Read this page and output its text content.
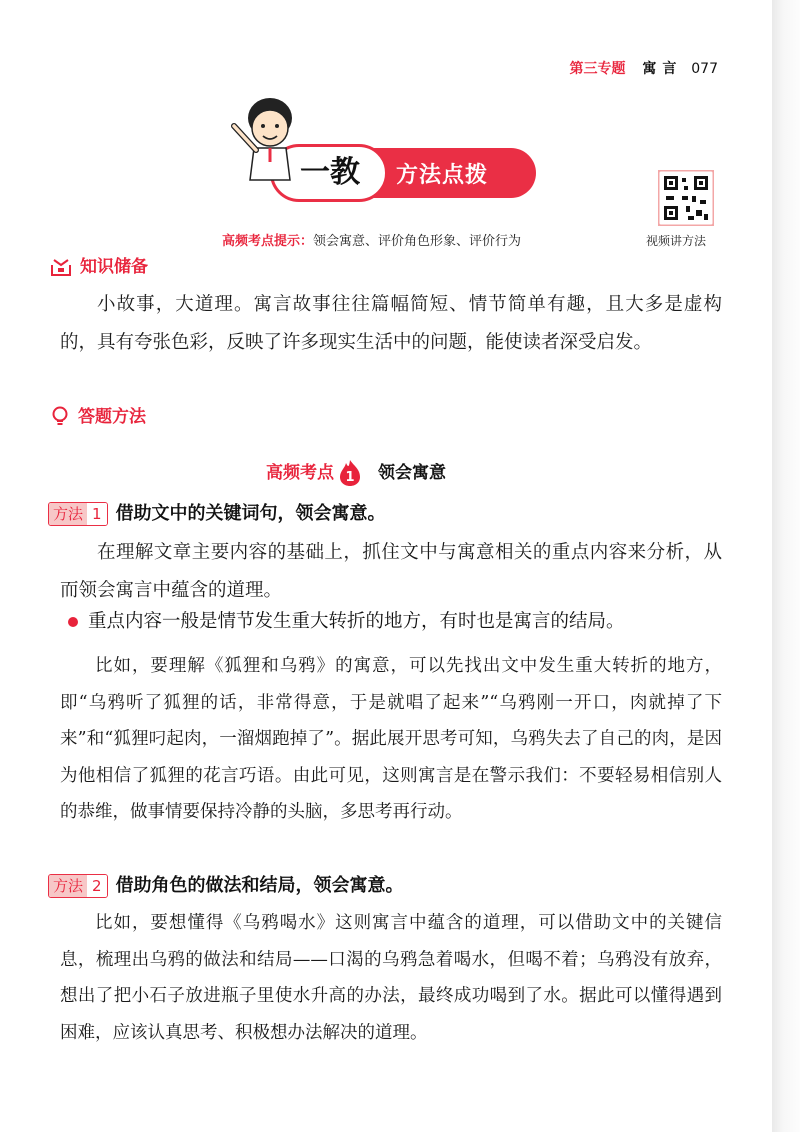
第三专题 寓言 077
一教	方法点拨
高频考点提示：领会寓意、评价角色形象、评价行为	视频讲方法
知识储备

小故事，大道理。寓言故事往往篇幅简短、情节简单有趣，且大多是虚构的，具有夸张色彩，反映了许多现实生活中的问题，能使读者深受启发。

答题方法
高频考点 1 领会寓意
方法 1 借助文中的关键词句，领会寓意。

在理解文章主要内容的基础上，抓住文中与寓意相关的重点内容来分析，从而领会寓言中蕴含的道理。

重点内容一般是情节发生重大转折的地方，有时也是寓言的结局。

比如，要理解《狐狸和乌鸦》的寓意，可以先找出文中发生重大转折的地方，即“乌鸦听了狐狸的话，非常得意，于是就唱了起来”“乌鸦刚一开口，肉就掉了下来”和“狐狸叼起肉，一溜烟跑掉了”。据此展开思考可知，乌鸦失去了自己的肉，是因为他相信了狐狸的花言巧语。由此可见，这则寓言是在警示我们：不要轻易相信别人的恭维，做事情要保持冷静的头脑，多思考再行动。

方法 2 借助角色的做法和结局，领会寓意。

比如，要想懂得《乌鸦喝水》这则寓言中蕴含的道理，可以借助文中的关键信息，梳理出乌鸦的做法和结局——口渴的乌鸦急着喝水，但喝不着；乌鸦没有放弃，想出了把小石子放进瓶子里使水升高的办法，最终成功喝到了水。据此可以懂得遇到困难，应该认真思考、积极想办法解决的道理。
